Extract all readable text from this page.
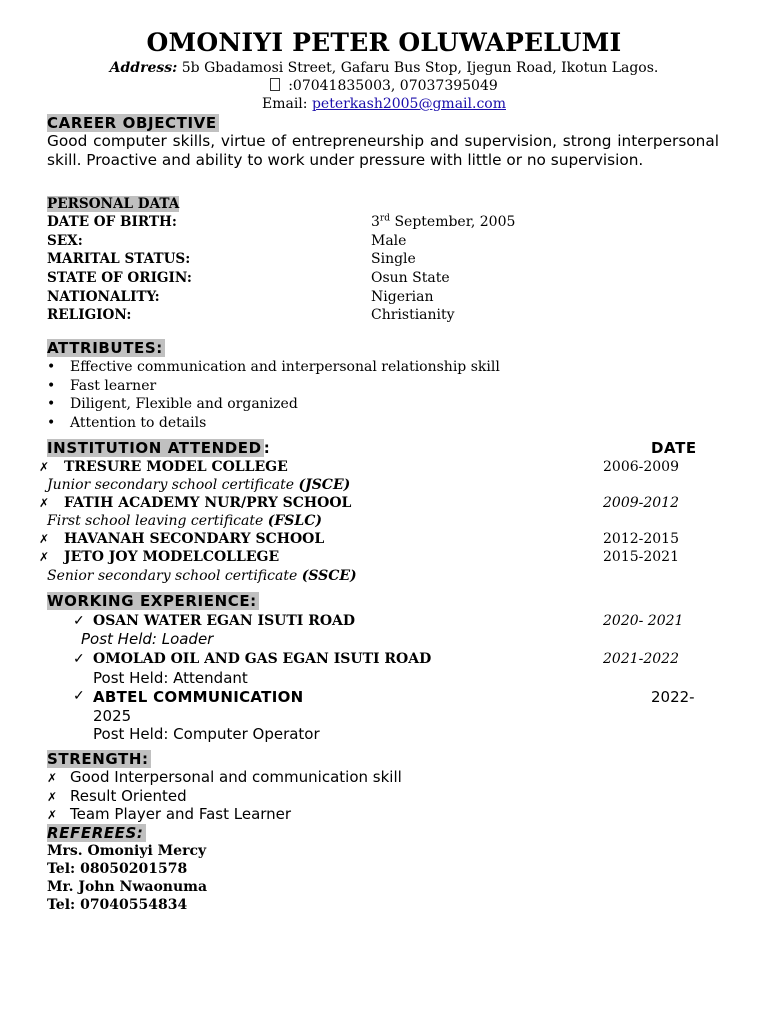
OMONIYI PETER OLUWAPELUMI
Address: 5b Gbadamosi Street, Gafaru Bus Stop, Ijegun Road, Ikotun Lagos.
:07041835003, 07037395049
Email: peterkash2005@gmail.com
CAREER OBJECTIVE
Good computer skills, virtue of entrepreneurship and supervision, strong interpersonal skill. Proactive and ability to work under pressure with little or no supervision.
PERSONAL DATA
ATTRIBUTES:
INSTITUTION ATTENDED :	DATE
WORKING EXPERIENCE:
STRENGTH:
REFEREES:
DATE OF BIRTH:	3rd September, 2005
SEX:	Male
MARITAL STATUS:	Single
STATE OF ORIGIN:	Osun State
NATIONALITY:	Nigerian
RELIGION:	Christianity
• Effective communication and interpersonal relationship skill
• Fast learner
• Diligent, Flexible and organized
• Attention to details
✗ TRESURE MODEL COLLEGE	2006-2009
Junior secondary school certificate (JSCE)
✗ FATIH ACADEMY NUR/PRY SCHOOL	2009-2012
First school leaving certificate (FSLC)
✗ HAVANAH SECONDARY SCHOOL	2012-2015
✗ JETO JOY MODELCOLLEGE	2015-2021
Senior secondary school certificate (SSCE)
✓ OSAN WATER EGAN ISUTI ROAD	2020- 2021
Post Held: Loader
✓ OMOLAD OIL AND GAS EGAN ISUTI ROAD	2021-2022
Post Held: Attendant
✓ ABTEL COMMUNICATION	2022-
2025
Post Held: Computer Operator
✗ Good Interpersonal and communication skill
✗ Result Oriented
✗ Team Player and Fast Learner
Mrs. Omoniyi Mercy
Tel: 08050201578
Mr. John Nwaonuma
Tel: 07040554834
